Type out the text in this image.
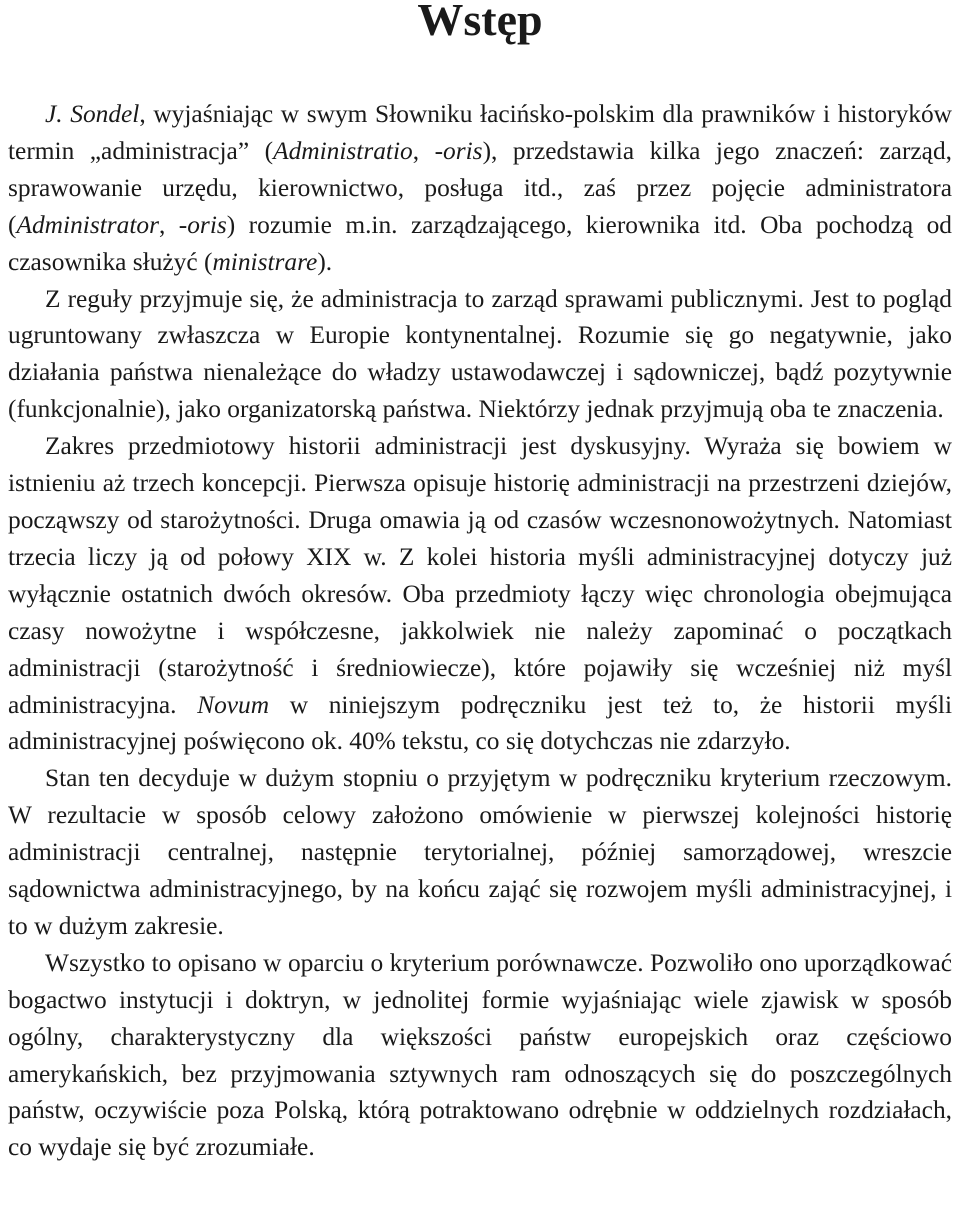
Wstęp

J. Sondel, wyjaśniając w swym Słowniku łacińsko-polskim dla prawników i historyków termin „administracja” (Administratio, -oris), przedstawia kilka jego znaczeń: zarząd, sprawowanie urzędu, kierownictwo, posługa itd., zaś przez pojęcie administratora (Administrator, -oris) rozumie m.in. zarządzającego, kierownika itd. Oba pochodzą od czasownika służyć (ministrare).

Z reguły przyjmuje się, że administracja to zarząd sprawami publicznymi. Jest to pogląd ugruntowany zwłaszcza w Europie kontynentalnej. Rozumie się go negatywnie, jako działania państwa nienależące do władzy ustawodawczej i sądowniczej, bądź pozytywnie (funkcjonalnie), jako organizatorską państwa. Niektórzy jednak przyjmują oba te znaczenia.

Zakres przedmiotowy historii administracji jest dyskusyjny. Wyraża się bowiem w istnieniu aż trzech koncepcji. Pierwsza opisuje historię administracji na przestrzeni dziejów, począwszy od starożytności. Druga omawia ją od czasów wczesnonowożytnych. Natomiast trzecia liczy ją od połowy XIX w. Z kolei historia myśli administracyjnej dotyczy już wyłącznie ostatnich dwóch okresów. Oba przedmioty łączy więc chronologia obejmująca czasy nowożytne i współczesne, jakkolwiek nie należy zapominać o początkach administracji (starożytność i średniowiecze), które pojawiły się wcześniej niż myśl administracyjna. Novum w niniejszym podręczniku jest też to, że historii myśli administracyjnej poświęcono ok. 40% tekstu, co się dotychczas nie zdarzyło.

Stan ten decyduje w dużym stopniu o przyjętym w podręczniku kryterium rzeczowym. W rezultacie w sposób celowy założono omówienie w pierwszej kolejności historię administracji centralnej, następnie terytorialnej, później samorządowej, wreszcie sądownictwa administracyjnego, by na końcu zająć się rozwojem myśli administracyjnej, i to w dużym zakresie.

Wszystko to opisano w oparciu o kryterium porównawcze. Pozwoliło ono uporządkować bogactwo instytucji i doktryn, w jednolitej formie wyjaśniając wiele zjawisk w sposób ogólny, charakterystyczny dla większości państw europejskich oraz częściowo amerykańskich, bez przyjmowania sztywnych ram odnoszących się do poszczególnych państw, oczywiście poza Polską, którą potraktowano odrębnie w oddzielnych rozdziałach, co wydaje się być zrozumiałe.
